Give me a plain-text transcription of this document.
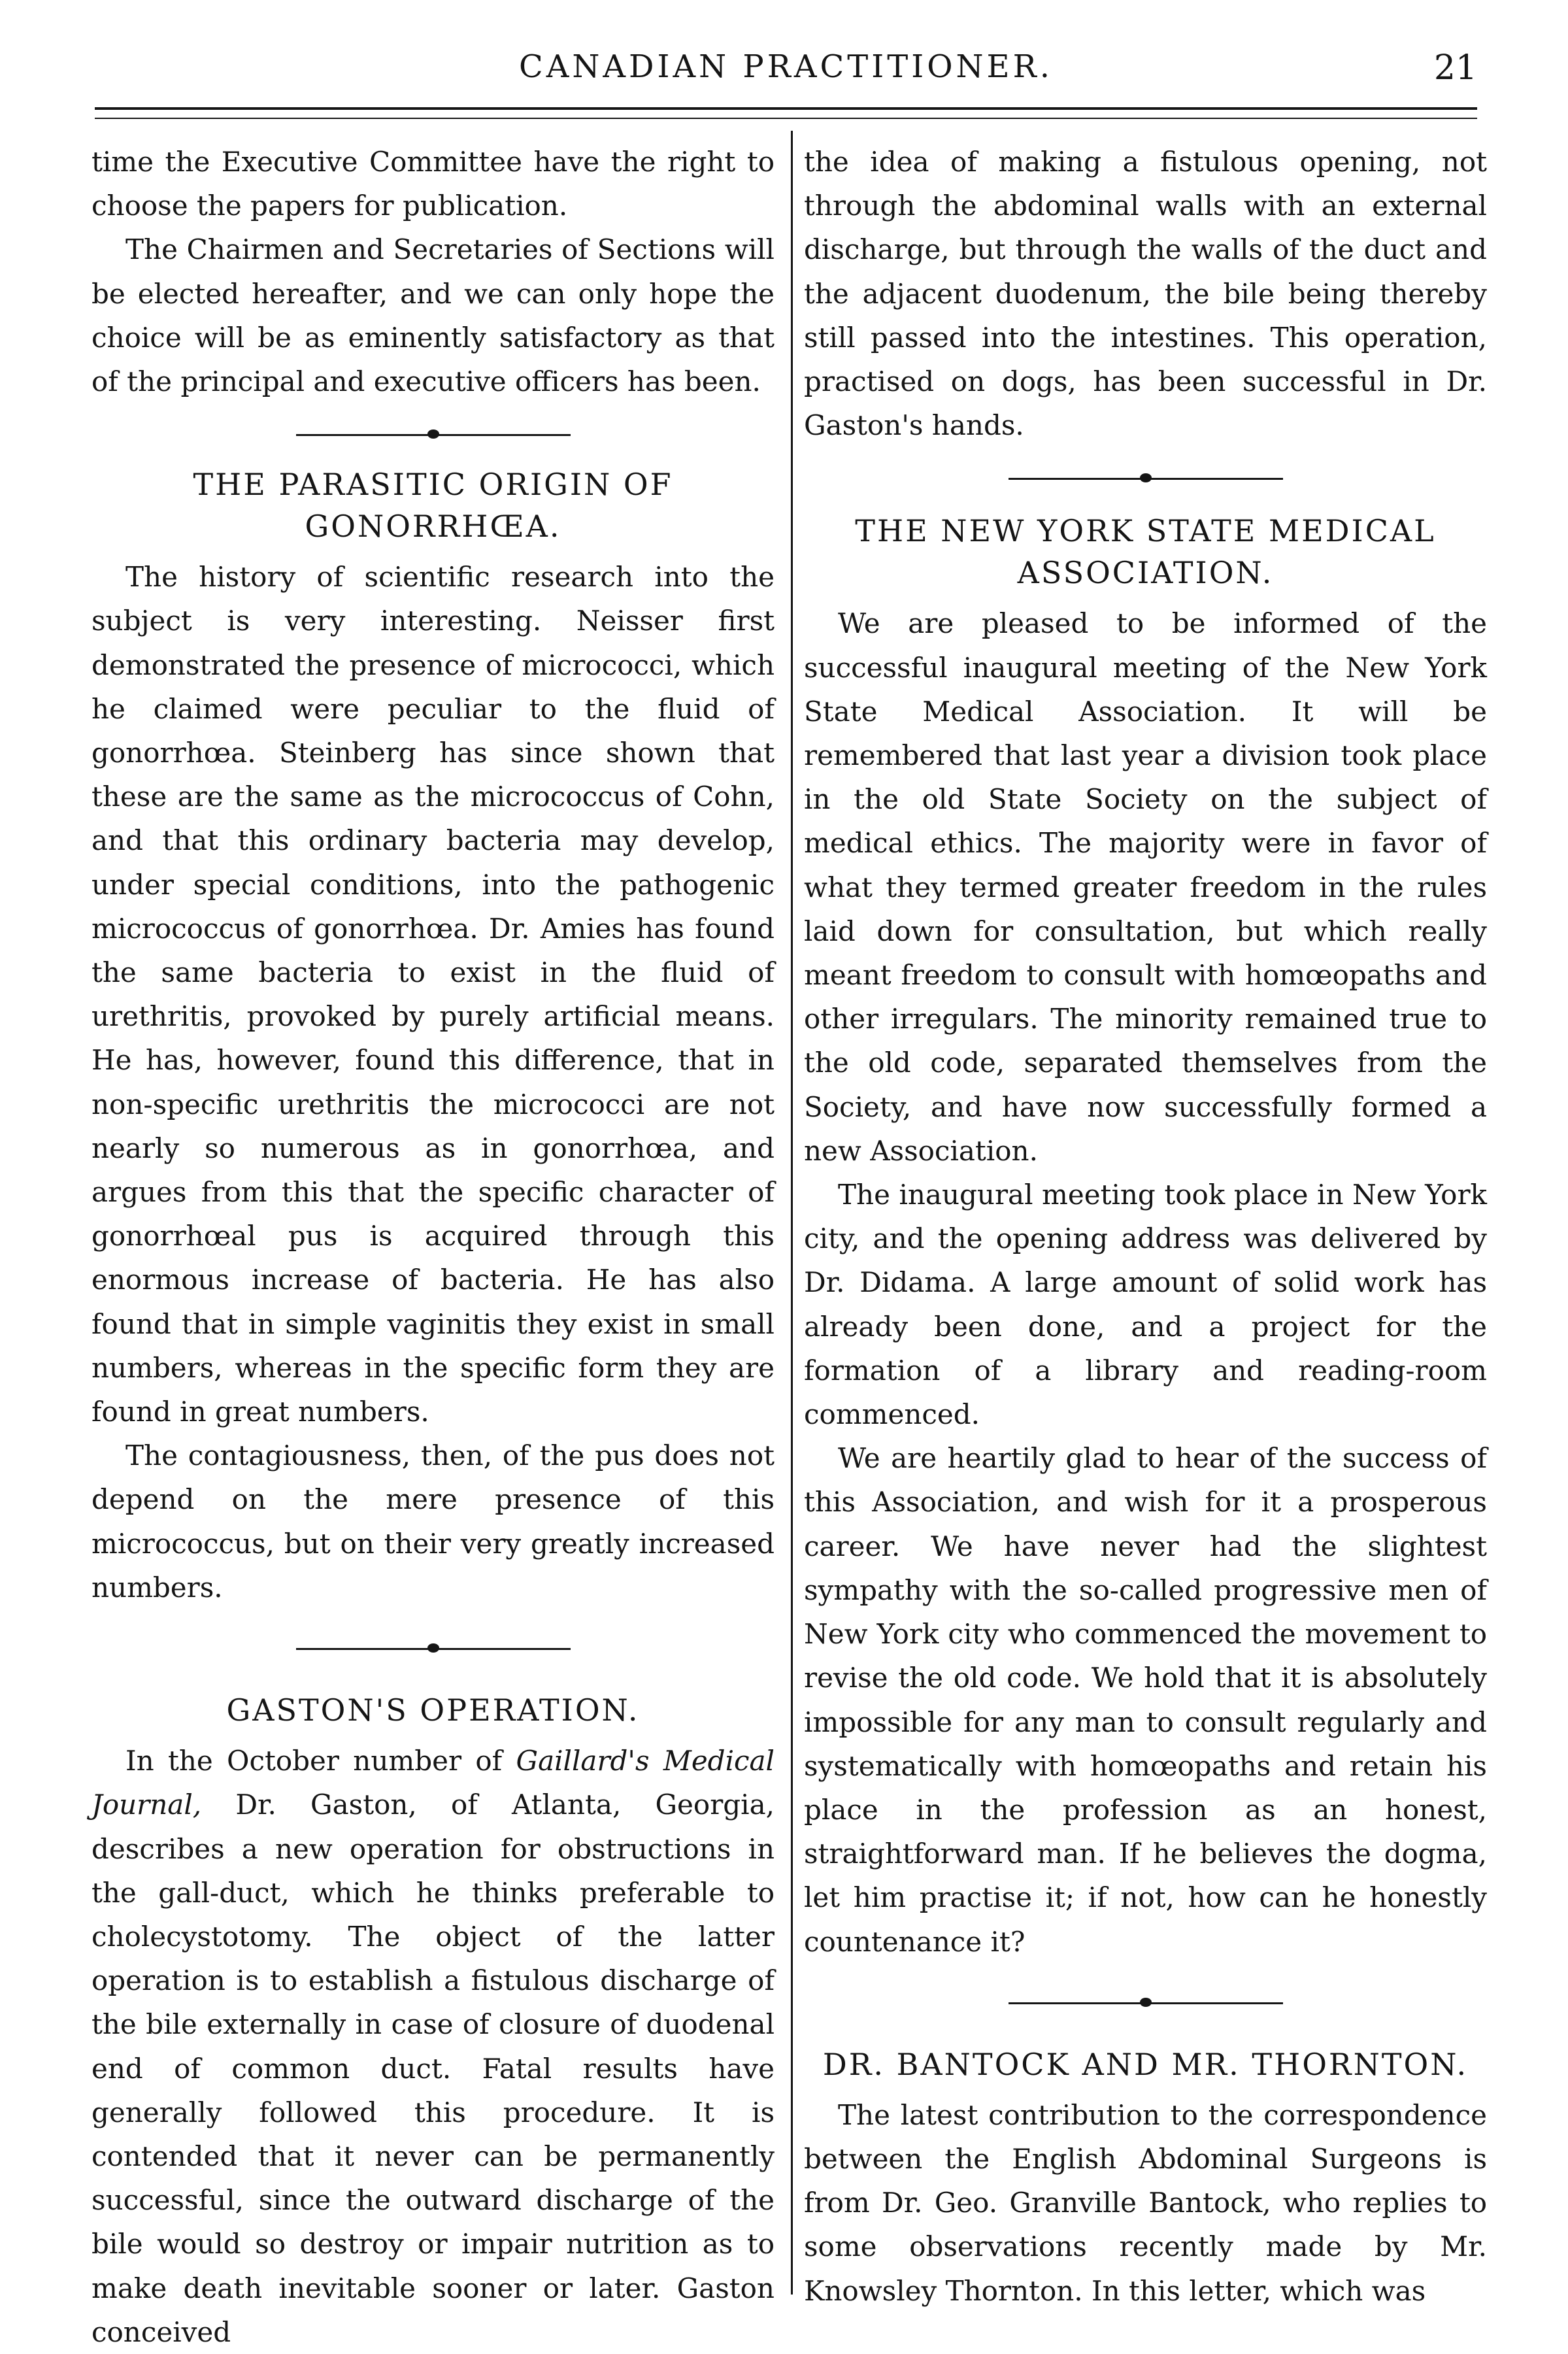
CANADIAN PRACTITIONER.	21

time the Executive Committee have the right to choose the papers for publication.

The Chairmen and Secretaries of Sections will be elected hereafter, and we can only hope the choice will be as eminently satisfactory as that of the principal and executive officers has been.

THE PARASITIC ORIGIN OF GONORRHŒA.

The history of scientific research into the subject is very interesting. Neisser first demonstrated the presence of micrococci, which he claimed were peculiar to the fluid of gonorrhœa. Steinberg has since shown that these are the same as the micrococcus of Cohn, and that this ordinary bacteria may develop, under special conditions, into the pathogenic micrococcus of gonorrhœa. Dr. Amies has found the same bacteria to exist in the fluid of urethritis, provoked by purely artificial means. He has, however, found this difference, that in non-specific urethritis the micrococci are not nearly so numerous as in gonorrhœa, and argues from this that the specific character of gonorrhœal pus is acquired through this enormous increase of bacteria. He has also found that in simple vaginitis they exist in small numbers, whereas in the specific form they are found in great numbers.

The contagiousness, then, of the pus does not depend on the mere presence of this micrococcus, but on their very greatly increased numbers.

GASTON'S OPERATION.

In the October number of Gaillard's Medical Journal, Dr. Gaston, of Atlanta, Georgia, describes a new operation for obstructions in the gall-duct, which he thinks preferable to cholecystotomy. The object of the latter operation is to establish a fistulous discharge of the bile externally in case of closure of duodenal end of common duct. Fatal results have generally followed this procedure. It is contended that it never can be permanently successful, since the outward discharge of the bile would so destroy or impair nutrition as to make death inevitable sooner or later. Gaston conceived

the idea of making a fistulous opening, not through the abdominal walls with an external discharge, but through the walls of the duct and the adjacent duodenum, the bile being thereby still passed into the intestines. This operation, practised on dogs, has been successful in Dr. Gaston's hands.

THE NEW YORK STATE MEDICAL ASSOCIATION.

We are pleased to be informed of the successful inaugural meeting of the New York State Medical Association. It will be remembered that last year a division took place in the old State Society on the subject of medical ethics. The majority were in favor of what they termed greater freedom in the rules laid down for consultation, but which really meant freedom to consult with homœopaths and other irregulars. The minority remained true to the old code, separated themselves from the Society, and have now successfully formed a new Association.

The inaugural meeting took place in New York city, and the opening address was delivered by Dr. Didama. A large amount of solid work has already been done, and a project for the formation of a library and reading-room commenced.

We are heartily glad to hear of the success of this Association, and wish for it a prosperous career. We have never had the slightest sympathy with the so-called progressive men of New York city who commenced the movement to revise the old code. We hold that it is absolutely impossible for any man to consult regularly and systematically with homœopaths and retain his place in the profession as an honest, straightforward man. If he believes the dogma, let him practise it; if not, how can he honestly countenance it?

DR. BANTOCK AND MR. THORNTON.

The latest contribution to the correspondence between the English Abdominal Surgeons is from Dr. Geo. Granville Bantock, who replies to some observations recently made by Mr. Knowsley Thornton. In this letter, which was
